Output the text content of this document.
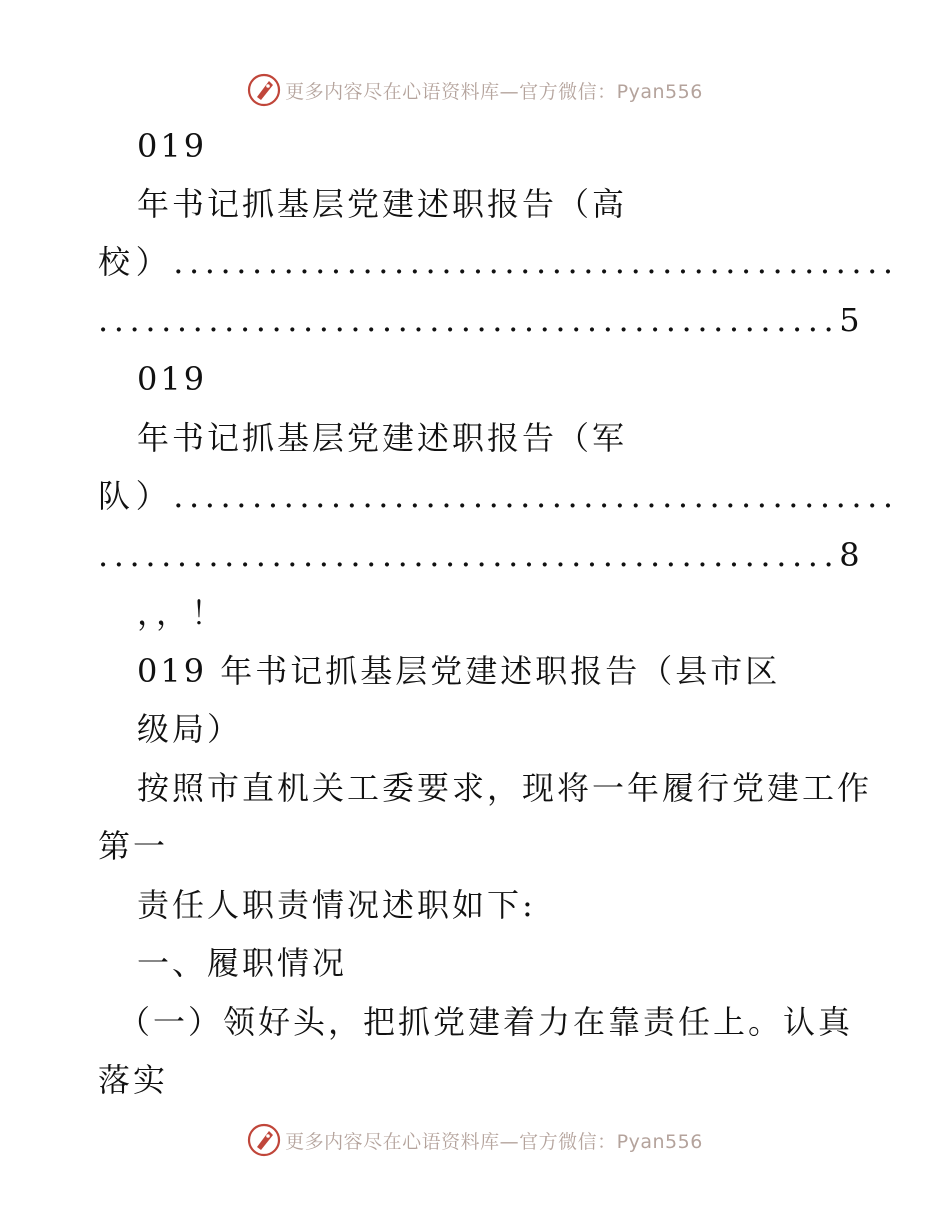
更多内容尽在心语资料库—官方微信：Pyan556
019
年书记抓基层党建述职报告（高
校）..............................................
...............................................5
019
年书记抓基层党建述职报告（军
队）..............................................
...............................................8
，，！
019 年书记抓基层党建述职报告（县市区
级局）
按照市直机关工委要求，现将一年履行党建工作
第一
责任人职责情况述职如下:
一、履职情况
（一）领好头，把抓党建着力在靠责任上。认真
落实
更多内容尽在心语资料库—官方微信：Pyan556
